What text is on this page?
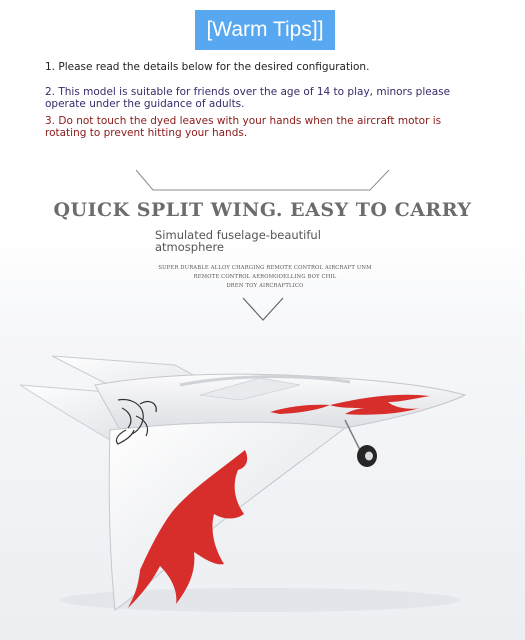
[Warm Tips]]
1. Please read the details below for the desired configuration.
2. This model is suitable for friends over the age of 14 to play, minors please operate under the guidance of adults.
3. Do not touch the dyed leaves with your hands when the aircraft motor is rotating to prevent hitting your hands.
QUICK SPLIT WING. EASY TO CARRY
Simulated fuselage-beautiful atmosphere
SUPER DURABLE ALLOY CHARGING REMOTE CONTROL AIRCRAFT UNM
REMOTE CONTROL AEROMODELLING BOY CHIL
DREN TOY AIRCRAFTLICO
